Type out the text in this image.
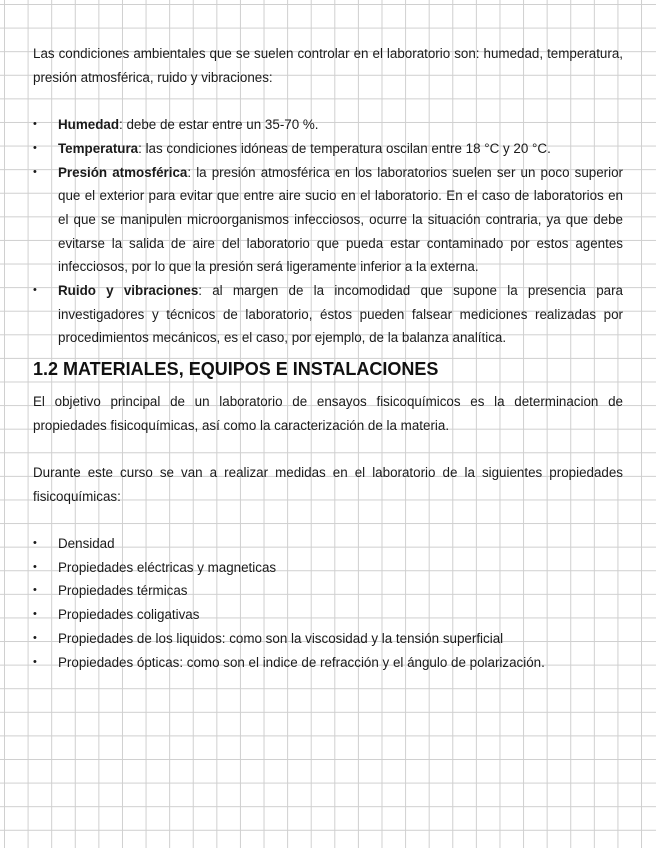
Las condiciones ambientales que se suelen controlar en el laboratorio son: humedad, temperatura, presión atmosférica, ruido y vibraciones:

• Humedad: debe de estar entre un 35-70 %.
• Temperatura: las condiciones idóneas de temperatura oscilan entre 18 °C y 20 °C.
• Presión atmosférica: la presión atmosférica en los laboratorios suelen ser un poco superior que el exterior para evitar que entre aire sucio en el laboratorio. En el caso de laboratorios en el que se manipulen microorganismos infecciosos, ocurre la situación contraria, ya que debe evitarse la salida de aire del laboratorio que pueda estar contaminado por estos agentes infecciosos, por lo que la presión será ligeramente inferior a la externa.
• Ruido y vibraciones: al margen de la incomodidad que supone la presencia para investigadores y técnicos de laboratorio, éstos pueden falsear mediciones realizadas por procedimientos mecánicos, es el caso, por ejemplo, de la balanza analítica.
1.2 MATERIALES, EQUIPOS E INSTALACIONES

El objetivo principal de un laboratorio de ensayos fisicoquímicos es la determinacion de propiedades fisicoquímicas, así como la caracterización de la materia.

Durante este curso se van a realizar medidas en el laboratorio de la siguientes propiedades fisicoquímicas:

• Densidad
• Propiedades eléctricas y magneticas
• Propiedades térmicas
• Propiedades coligativas
• Propiedades de los liquidos: como son la viscosidad y la tensión superficial
• Propiedades ópticas: como son el indice de refracción y el ángulo de polarización.
